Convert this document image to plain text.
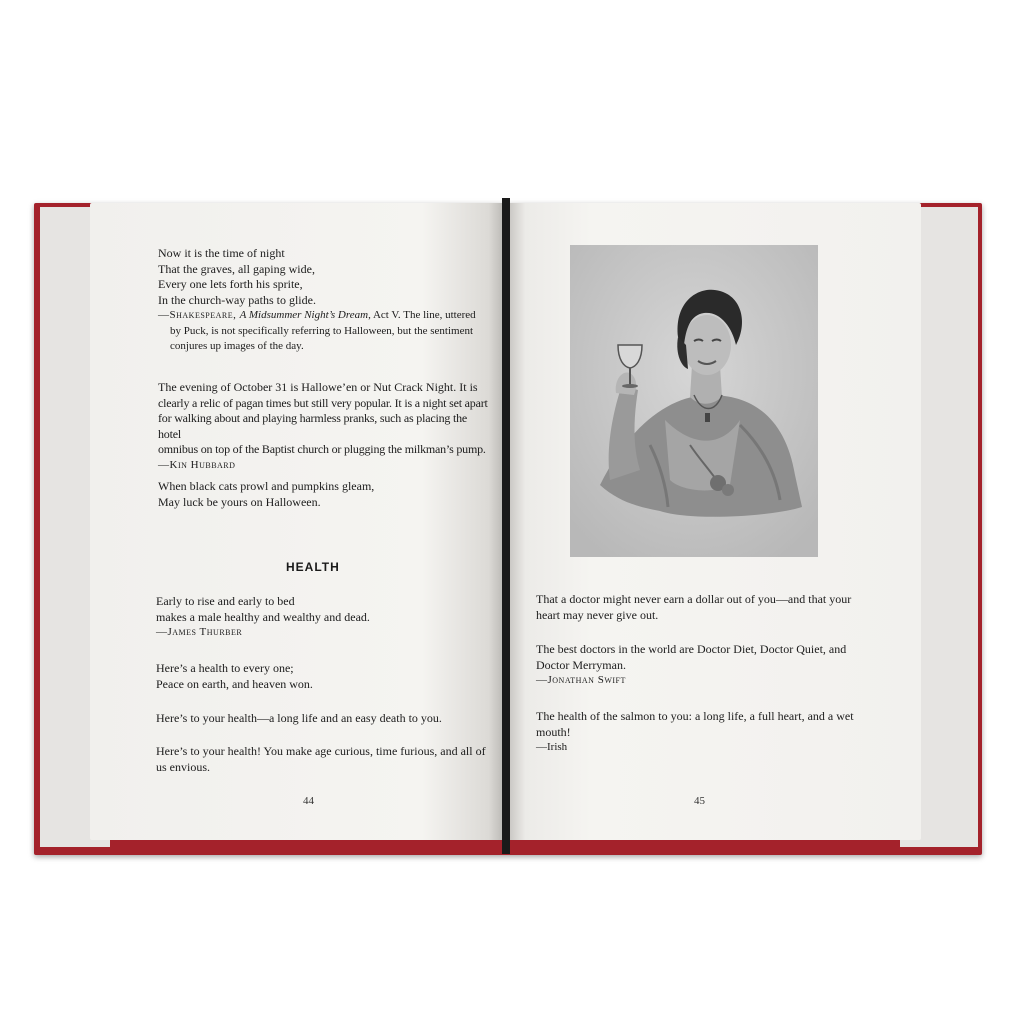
Now it is the time of night

That the graves, all gaping wide,

Every one lets forth his sprite,

In the church-way paths to glide.

—Shakespeare, A Midsummer Night’s Dream, Act V. The line, uttered

by Puck, is not specifically referring to Halloween, but the sentiment

conjures up images of the day.

The evening of October 31 is Hallowe’en or Nut Crack Night. It is

clearly a relic of pagan times but still very popular. It is a night set apart

for walking about and playing harmless pranks, such as placing the hotel

omnibus on top of the Baptist church or plugging the milkman’s pump.

—Kin Hubbard

When black cats prowl and pumpkins gleam,

May luck be yours on Halloween.

HEALTH

Early to rise and early to bed

makes a male healthy and wealthy and dead.

—James Thurber

Here’s a health to every one;

Peace on earth, and heaven won.

Here’s to your health—a long life and an easy death to you.

Here’s to your health! You make age curious, time furious, and all of

us envious.

44

That a doctor might never earn a dollar out of you—and that your

heart may never give out.

The best doctors in the world are Doctor Diet, Doctor Quiet, and

Doctor Merryman.

—Jonathan Swift

The health of the salmon to you: a long life, a full heart, and a wet

mouth!

—Irish

45
